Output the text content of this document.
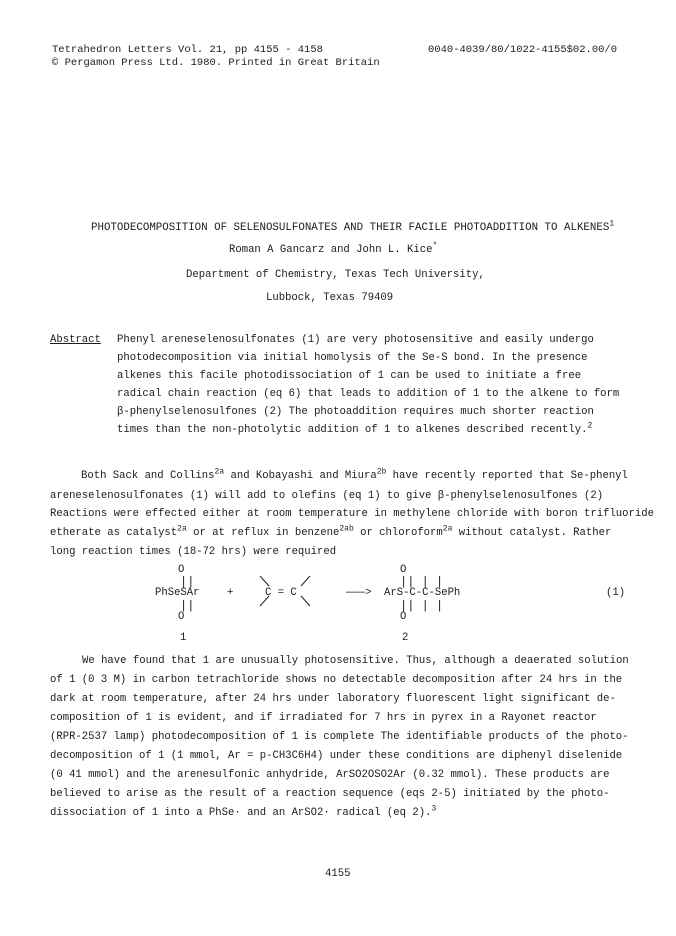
Tetrahedron Letters Vol. 21, pp 4155 - 4158
© Pergamon Press Ltd. 1980. Printed in Great Britain
0040-4039/80/1022-4155$02.00/0
PHOTODECOMPOSITION OF SELENOSULFONATES AND THEIR FACILE PHOTOADDITION TO ALKENES$^1$
Roman A Gancarz and John L. Kice*
Department of Chemistry, Texas Tech University,
Lubbock, Texas 79409
Abstract Phenyl areneselenosulfonates (1) are very photosensitive and easily undergo
photodecomposition via initial homolysis of the Se-S bond. In the presence
alkenes this facile photodissociation of 1 can be used to initiate a free
radical chain reaction (eq 6) that leads to addition of 1 to the alkene to form
β-phenylselenosulfones (2) The photoaddition requires much shorter reaction
times than the non-photolytic addition of 1 to alkenes described recently.$^2$
Both Sack and Collins$^{2a}$ and Kobayashi and Miura$^{2b}$ have recently reported that Se-phenyl
areneselenosulfonates (1) will add to olefins (eq 1) to give β-phenylselenosulfones (2)
Reactions were effected either at room temperature in methylene chloride with boron trifluoride
etherate as catalyst$^{2a}$ or at reflux in benzene$^{2ab}$ or chloroform$^{2a}$ without catalyst. Rather
long reaction times (18-72 hrs) were required
O
||
PhSeSAr
||
O
1
+	C = C	———>
O
|| | |
ArS-C-C-SePh
|| | |
O
2
(1)
We have found that 1 are unusually photosensitive. Thus, although a deaerated solution
of 1 (0 3 M) in carbon tetrachloride shows no detectable decomposition after 24 hrs in the
dark at room temperature, after 24 hrs under laboratory fluorescent light significant de-
composition of 1 is evident, and if irradiated for 7 hrs in pyrex in a Rayonet reactor
(RPR-2537 lamp) photodecomposition of 1 is complete The identifiable products of the photo-
decomposition of 1 (1 mmol, Ar = p-CH3C6H4) under these conditions are diphenyl diselenide
(0 41 mmol) and the arenesulfonic anhydride, ArSO2OSO2Ar (0.32 mmol). These products are
believed to arise as the result of a reaction sequence (eqs 2-5) initiated by the photo-
dissociation of 1 into a PhSe· and an ArSO2· radical (eq 2).$^3$
4155
